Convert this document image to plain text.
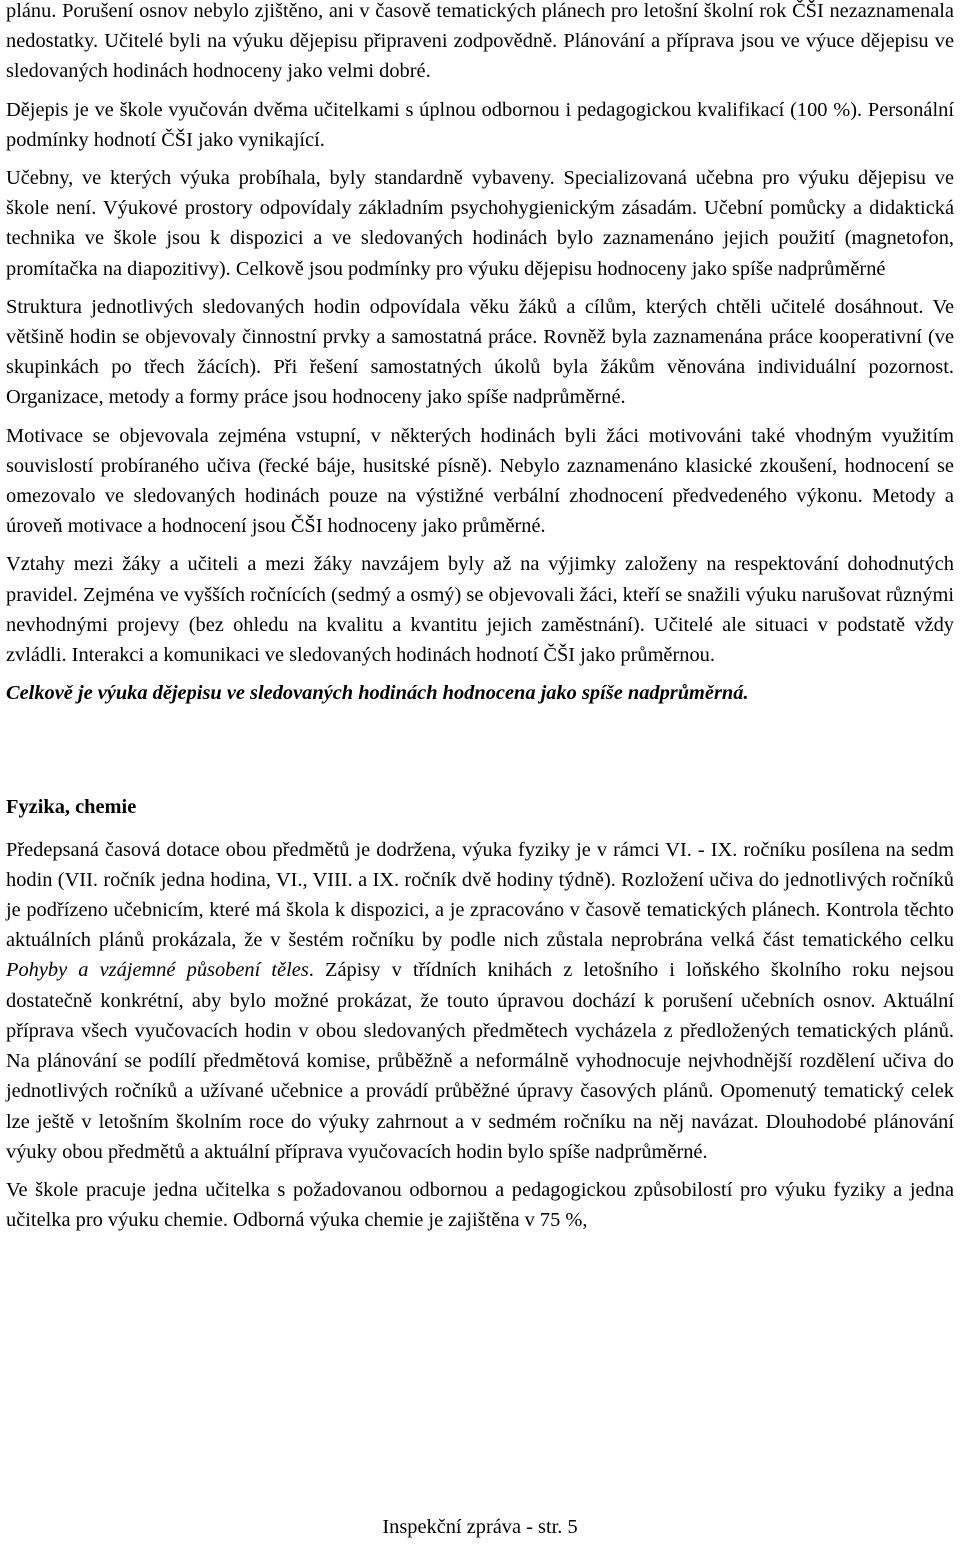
plánu. Porušení osnov nebylo zjištěno, ani v časově tematických plánech pro letošní školní rok ČŠI nezaznamenala nedostatky. Učitelé byli na výuku dějepisu připraveni zodpovědně. Plánování a příprava jsou ve výuce dějepisu ve sledovaných hodinách hodnoceny jako velmi dobré.

Dějepis je ve škole vyučován dvěma učitelkami s úplnou odbornou i pedagogickou kvalifikací (100 %). Personální podmínky hodnotí ČŠI jako vynikající.

Učebny, ve kterých výuka probíhala, byly standardně vybaveny. Specializovaná učebna pro výuku dějepisu ve škole není. Výukové prostory odpovídaly základním psychohygienickým zásadám. Učební pomůcky a didaktická technika ve škole jsou k dispozici a ve sledovaných hodinách bylo zaznamenáno jejich použití (magnetofon, promítačka na diapozitivy). Celkově jsou podmínky pro výuku dějepisu hodnoceny jako spíše nadprůměrné

Struktura jednotlivých sledovaných hodin odpovídala věku žáků a cílům, kterých chtěli učitelé dosáhnout. Ve většině hodin se objevovaly činnostní prvky a samostatná práce. Rovněž byla zaznamenána práce kooperativní (ve skupinkách po třech žácích). Při řešení samostatných úkolů byla žákům věnována individuální pozornost. Organizace, metody a formy práce jsou hodnoceny jako spíše nadprůměrné.

Motivace se objevovala zejména vstupní, v některých hodinách byli žáci motivováni také vhodným využitím souvislostí probíraného učiva (řecké báje, husitské písně). Nebylo zaznamenáno klasické zkoušení, hodnocení se omezovalo ve sledovaných hodinách pouze na výstižné verbální zhodnocení předvedeného výkonu. Metody a úroveň motivace a hodnocení jsou ČŠI hodnoceny jako průměrné.

Vztahy mezi žáky a učiteli a mezi žáky navzájem byly až na výjimky založeny na respektování dohodnutých pravidel. Zejména ve vyšších ročnících (sedmý a osmý) se objevovali žáci, kteří se snažili výuku narušovat různými nevhodnými projevy (bez ohledu na kvalitu a kvantitu jejich zaměstnání). Učitelé ale situaci v podstatě vždy zvládli. Interakci a komunikaci ve sledovaných hodinách hodnotí ČŠI jako průměrnou.

Celkově je výuka dějepisu ve sledovaných hodinách hodnocena jako spíše nadprůměrná.

Fyzika, chemie

Předepsaná časová dotace obou předmětů je dodržena, výuka fyziky je v rámci VI. - IX. ročníku posílena na sedm hodin (VII. ročník jedna hodina, VI., VIII. a IX. ročník dvě hodiny týdně). Rozložení učiva do jednotlivých ročníků je podřízeno učebnicím, které má škola k dispozici, a je zpracováno v časově tematických plánech. Kontrola těchto aktuálních plánů prokázala, že v šestém ročníku by podle nich zůstala neprobrána velká část tematického celku Pohyby a vzájemné působení těles. Zápisy v třídních knihách z letošního i loňského školního roku nejsou dostatečně konkrétní, aby bylo možné prokázat, že touto úpravou dochází k porušení učebních osnov. Aktuální příprava všech vyučovacích hodin v obou sledovaných předmětech vycházela z předložených tematických plánů. Na plánování se podílí předmětová komise, průběžně a neformálně vyhodnocuje nejvhodnější rozdělení učiva do jednotlivých ročníků a užívané učebnice a provádí průběžné úpravy časových plánů. Opomenutý tematický celek lze ještě v letošním školním roce do výuky zahrnout a v sedmém ročníku na něj navázat. Dlouhodobé plánování výuky obou předmětů a aktuální příprava vyučovacích hodin bylo spíše nadprůměrné.

Ve škole pracuje jedna učitelka s požadovanou odbornou a pedagogickou způsobilostí pro výuku fyziky a jedna učitelka pro výuku chemie. Odborná výuka chemie je zajištěna v 75 %,

Inspekční zpráva - str. 5
